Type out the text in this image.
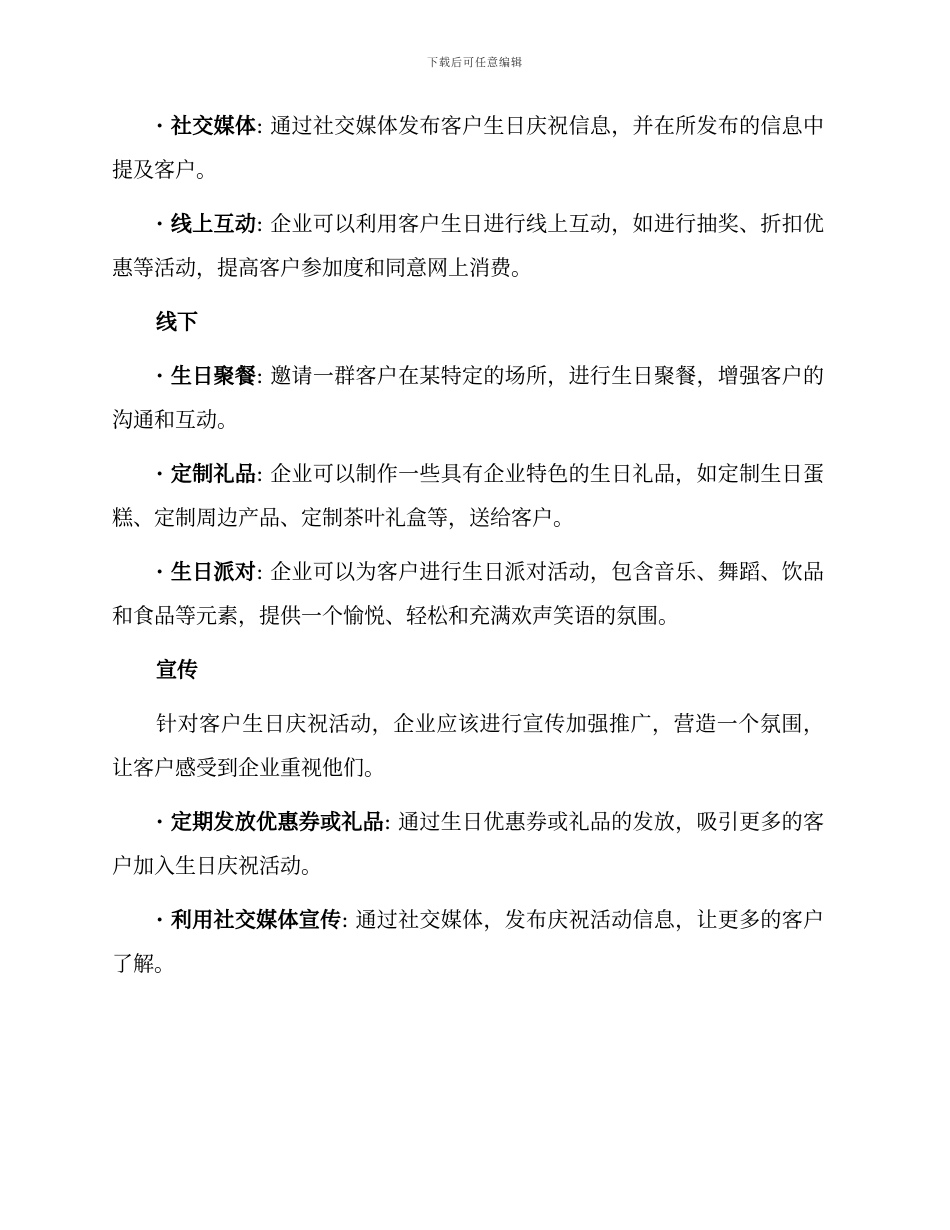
下载后可任意编辑

· 社交媒体: 通过社交媒体发布客户生日庆祝信息，并在所发布的信息中提及客户。

· 线上互动: 企业可以利用客户生日进行线上互动，如进行抽奖、折扣优惠等活动，提高客户参加度和同意网上消费。

线下

· 生日聚餐: 邀请一群客户在某特定的场所，进行生日聚餐，增强客户的沟通和互动。

· 定制礼品: 企业可以制作一些具有企业特色的生日礼品，如定制生日蛋糕、定制周边产品、定制茶叶礼盒等，送给客户。

· 生日派对: 企业可以为客户进行生日派对活动，包含音乐、舞蹈、饮品和食品等元素，提供一个愉悦、轻松和充满欢声笑语的氛围。

宣传

针对客户生日庆祝活动，企业应该进行宣传加强推广，营造一个氛围，让客户感受到企业重视他们。

· 定期发放优惠券或礼品: 通过生日优惠券或礼品的发放，吸引更多的客户加入生日庆祝活动。

· 利用社交媒体宣传: 通过社交媒体，发布庆祝活动信息，让更多的客户了解。
